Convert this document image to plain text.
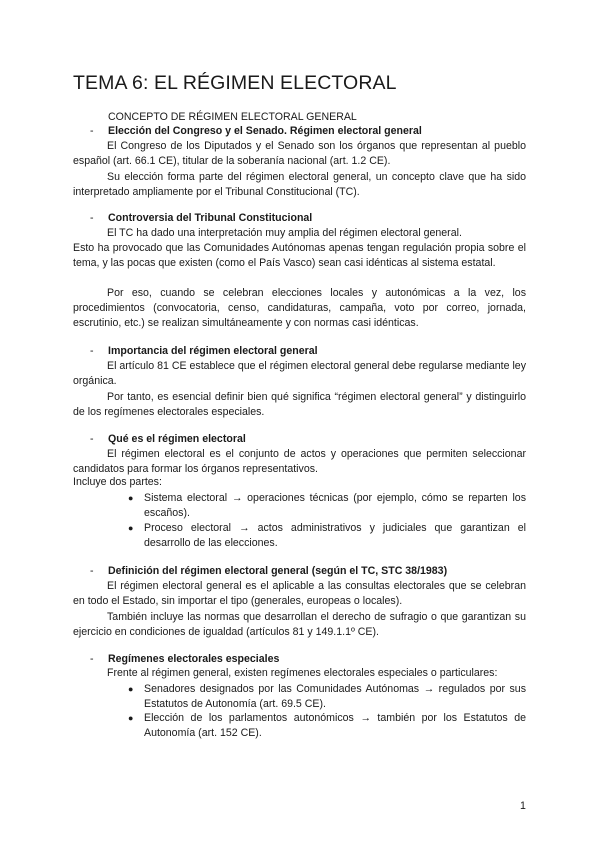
TEMA 6: EL RÉGIMEN ELECTORAL
CONCEPTO DE RÉGIMEN ELECTORAL GENERAL
- Elección del Congreso y el Senado. Régimen electoral general

El Congreso de los Diputados y el Senado son los órganos que representan al pueblo español (art. 66.1 CE), titular de la soberanía nacional (art. 1.2 CE).

Su elección forma parte del régimen electoral general, un concepto clave que ha sido interpretado ampliamente por el Tribunal Constitucional (TC).

- Controversia del Tribunal Constitucional

El TC ha dado una interpretación muy amplia del régimen electoral general.

Esto ha provocado que las Comunidades Autónomas apenas tengan regulación propia sobre el tema, y las pocas que existen (como el País Vasco) sean casi idénticas al sistema estatal.

Por eso, cuando se celebran elecciones locales y autonómicas a la vez, los procedimientos (convocatoria, censo, candidaturas, campaña, voto por correo, jornada, escrutinio, etc.) se realizan simultáneamente y con normas casi idénticas.

- Importancia del régimen electoral general

El artículo 81 CE establece que el régimen electoral general debe regularse mediante ley orgánica.

Por tanto, es esencial definir bien qué significa “régimen electoral general” y distinguirlo de los regímenes electorales especiales.

- Qué es el régimen electoral

El régimen electoral es el conjunto de actos y operaciones que permiten seleccionar candidatos para formar los órganos representativos.

Incluye dos partes:
● Sistema electoral → operaciones técnicas (por ejemplo, cómo se reparten los escaños).
● Proceso electoral → actos administrativos y judiciales que garantizan el desarrollo de las elecciones.
- Definición del régimen electoral general (según el TC, STC 38/1983)

El régimen electoral general es el aplicable a las consultas electorales que se celebran en todo el Estado, sin importar el tipo (generales, europeas o locales).

También incluye las normas que desarrollan el derecho de sufragio o que garantizan su ejercicio en condiciones de igualdad (artículos 81 y 149.1.1º CE).

- Regímenes electorales especiales
Frente al régimen general, existen regímenes electorales especiales o particulares:
● Senadores designados por las Comunidades Autónomas → regulados por sus Estatutos de Autonomía (art. 69.5 CE).
● Elección de los parlamentos autonómicos → también por los Estatutos de Autonomía (art. 152 CE).
1
